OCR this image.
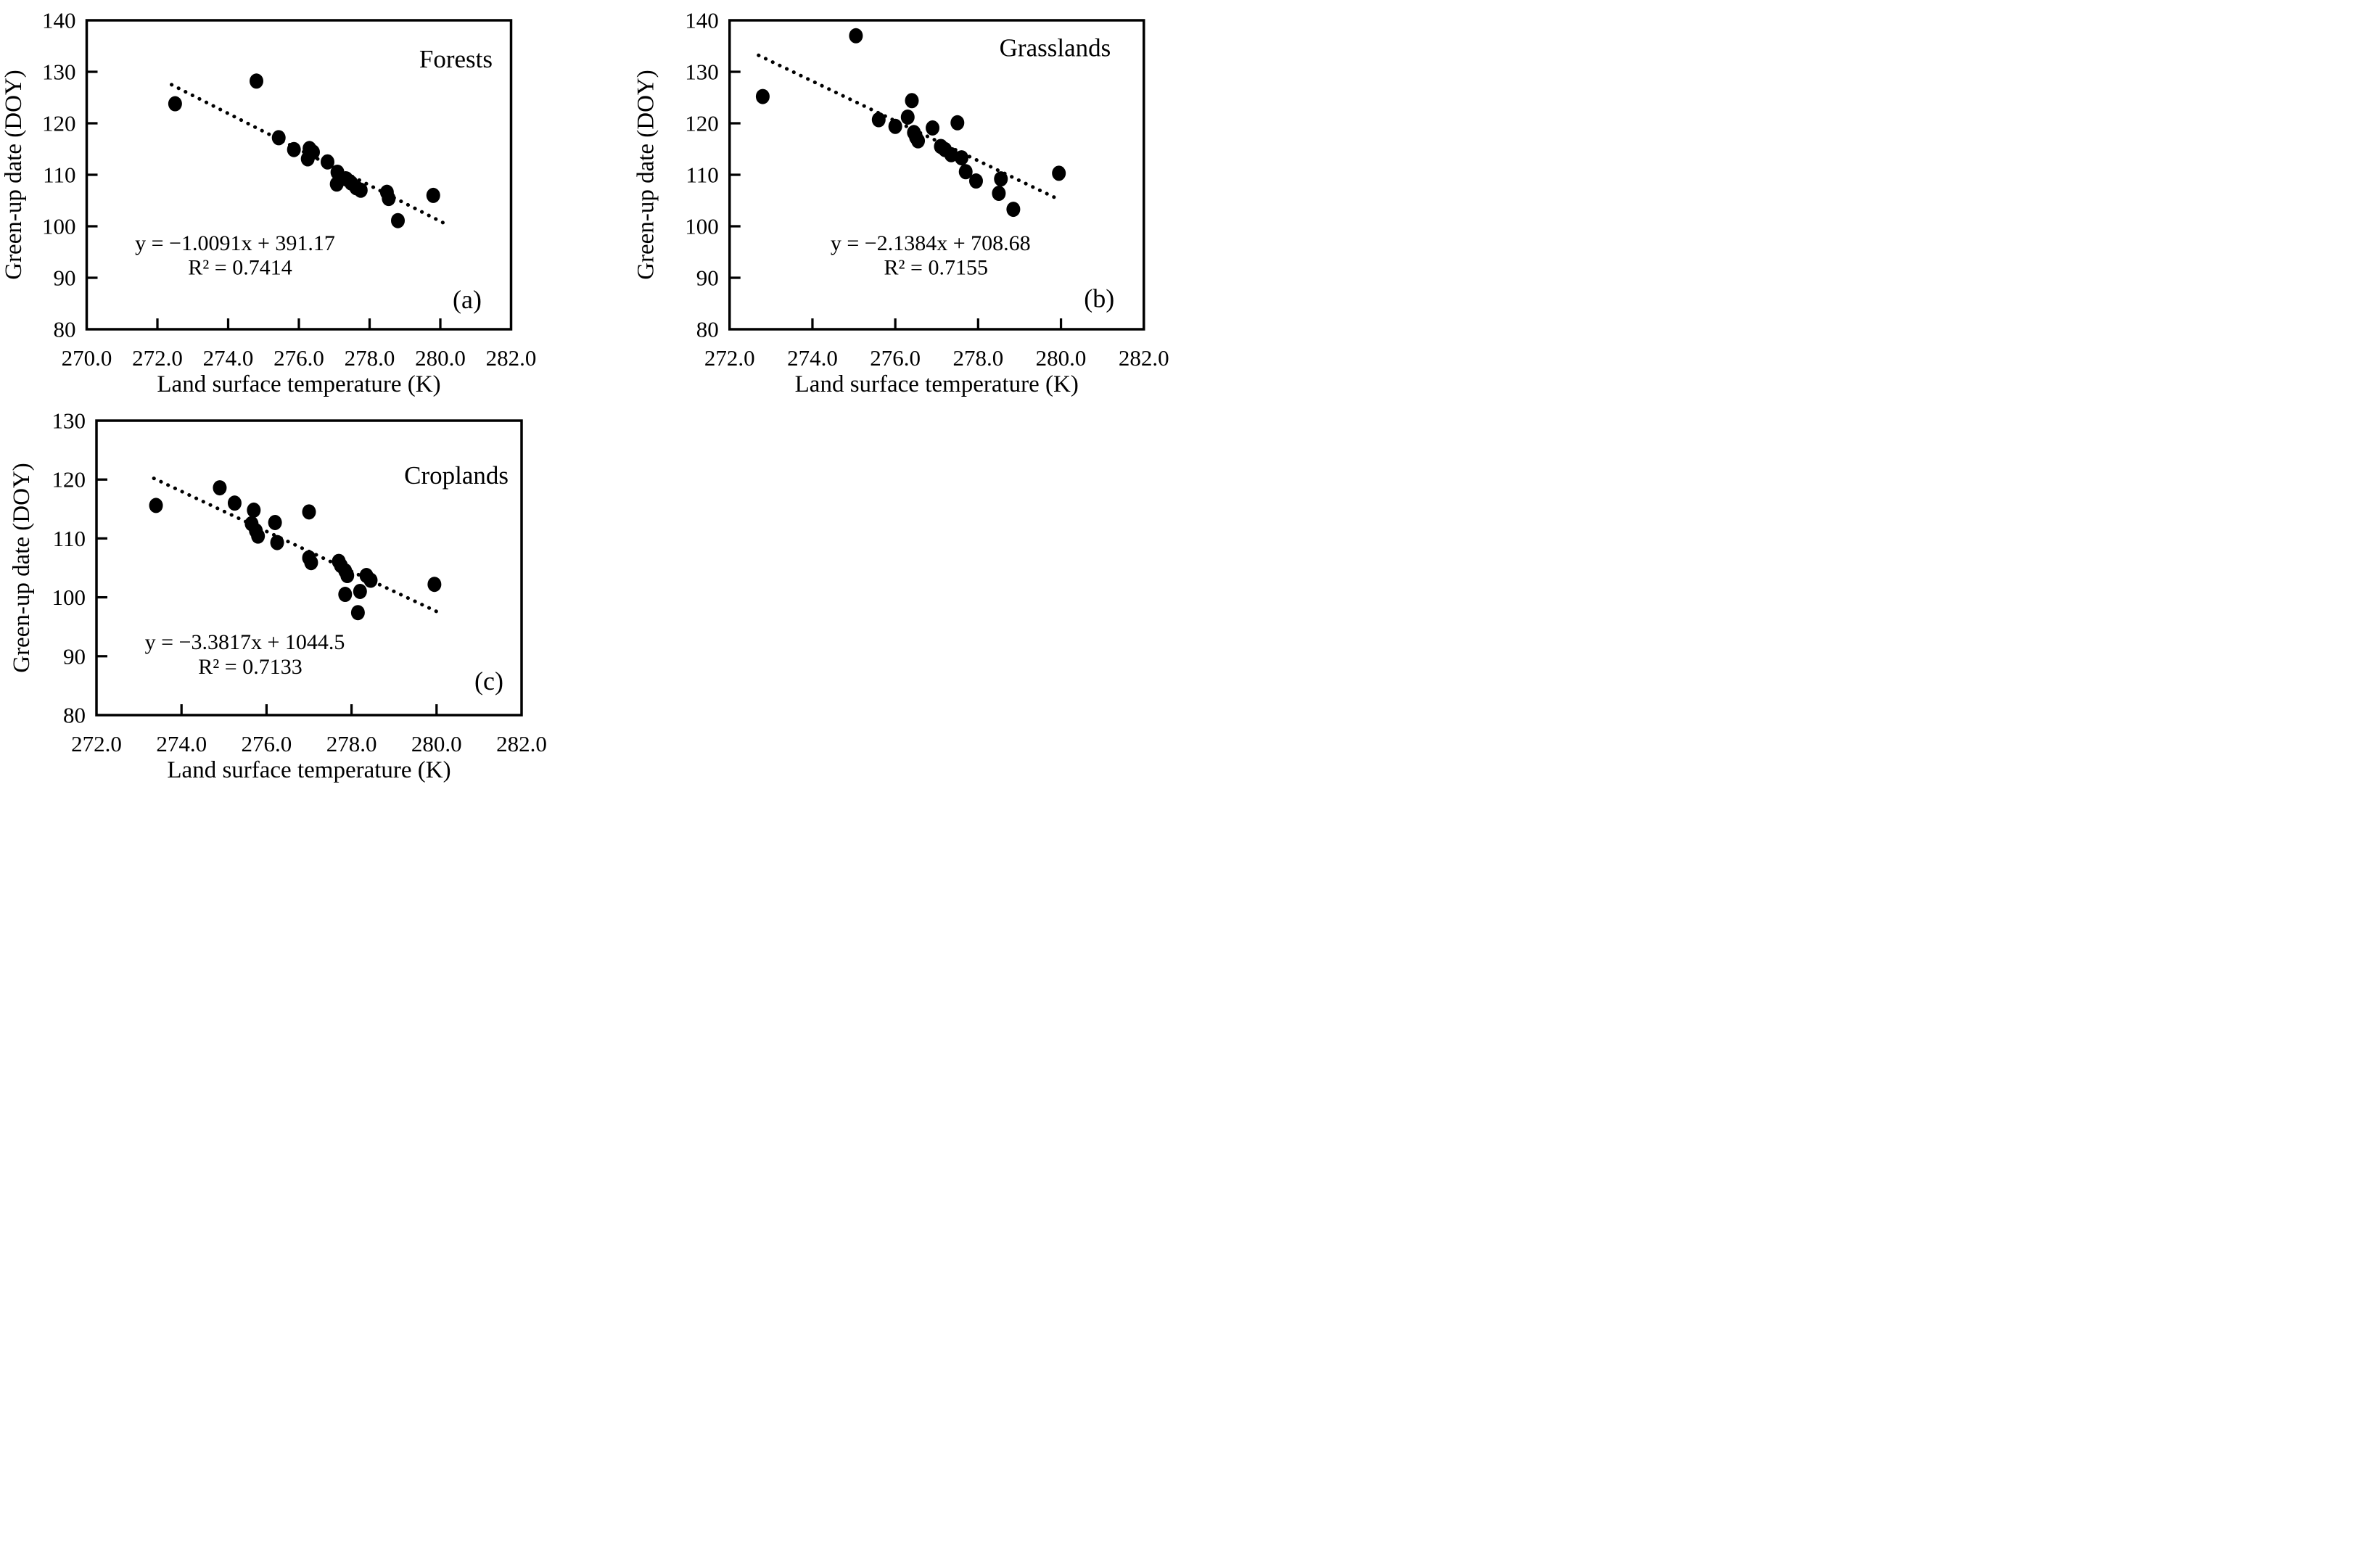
270.0 272.0 274.0 276.0 278.0 280.0 282.0
80
90
100
110
120
130
140
Forests
y = −1.0091x + 391.17
R² = 0.7414
(a)
Land surface temperature (K)
Green-up date (DOY)
272.0 274.0 276.0 278.0 280.0 282.0
80
90
100
110
120
130
140
Grasslands
y = −2.1384x + 708.68
R² = 0.7155
(b)
Land surface temperature (K)
Green-up date (DOY)
272.0 274.0 276.0 278.0 280.0 282.0
80
90
100
110
120
130
Croplands
y = −3.3817x + 1044.5
R² = 0.7133	(c)
Land surface temperature (K)
Green-up date (DOY)
